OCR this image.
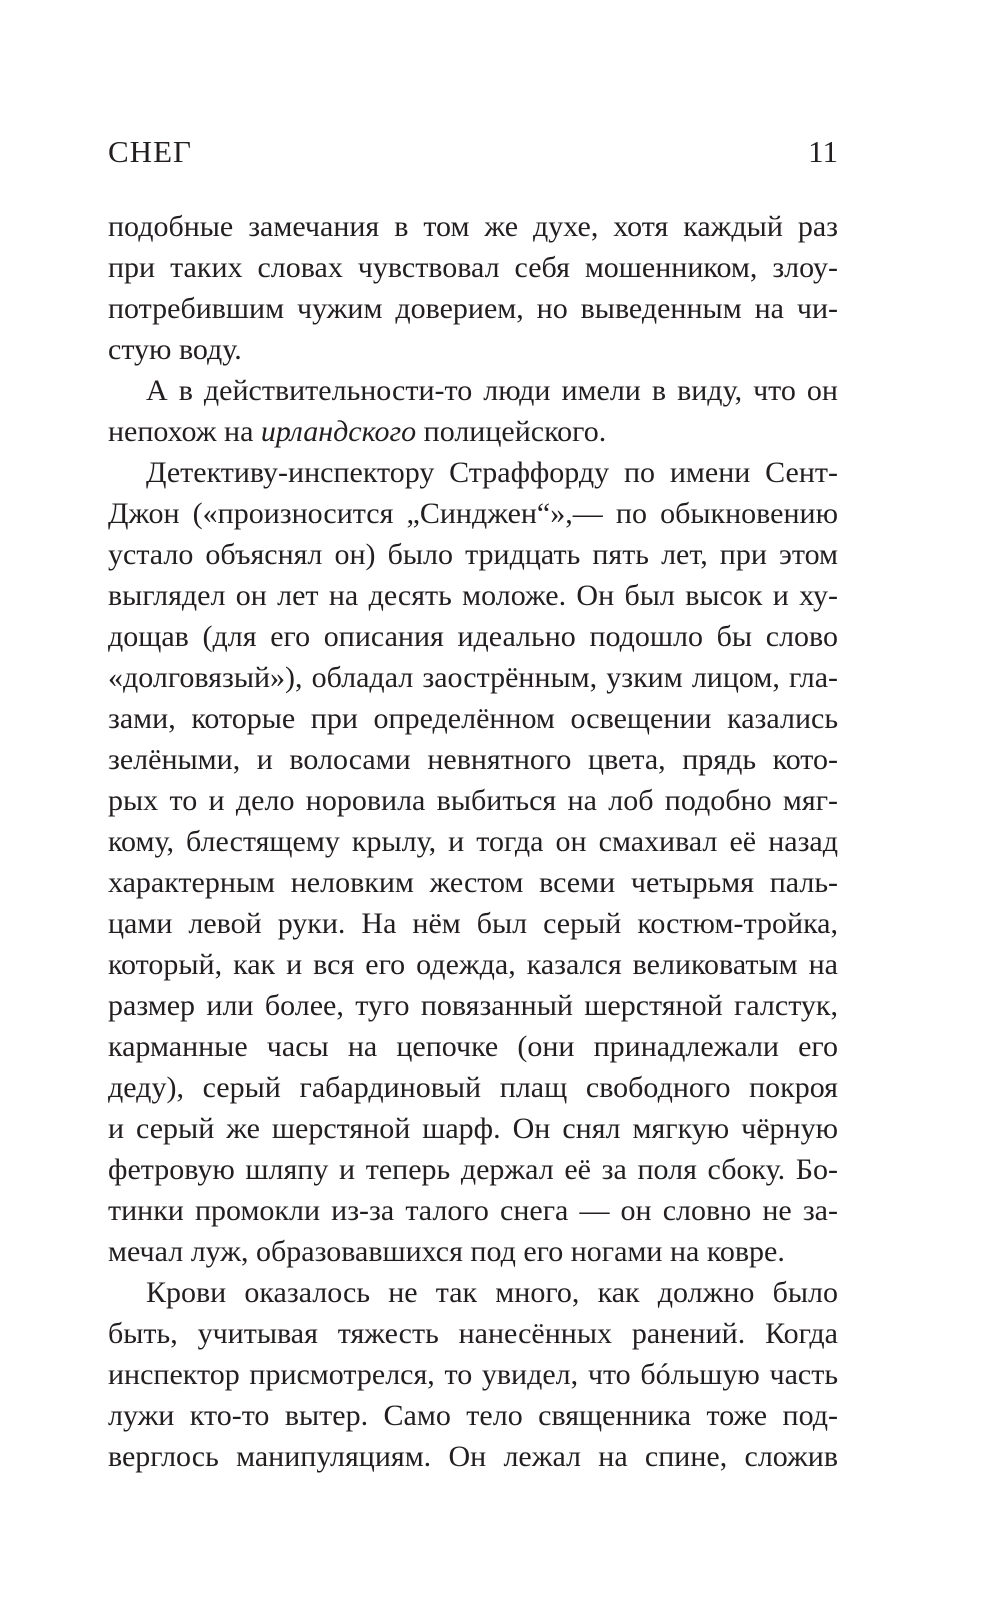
СНЕГ	11
подобные замечания в том же духе, хотя каждый раз
при таких словах чувствовал себя мошенником, злоу-
потребившим чужим доверием, но выведенным на чи-
стую воду.
А в действительности-то люди имели в виду, что он
непохож на ирландского полицейского.
Детективу-инспектору Страффорду по имени Сент-
Джон («произносится „Синджен“»,— по обыкновению
устало объяснял он) было тридцать пять лет, при этом
выглядел он лет на десять моложе. Он был высок и ху-
дощав (для его описания идеально подошло бы слово
«долговязый»), обладал заострённым, узким лицом, гла-
зами, которые при определённом освещении казались
зелёными, и волосами невнятного цвета, прядь кото-
рых то и дело норовила выбиться на лоб подобно мяг-
кому, блестящему крылу, и тогда он смахивал её назад
характерным неловким жестом всеми четырьмя паль-
цами левой руки. На нём был серый костюм-тройка,
который, как и вся его одежда, казался великоватым на
размер или более, туго повязанный шерстяной галстук,
карманные часы на цепочке (они принадлежали его
деду), серый габардиновый плащ свободного покроя
и серый же шерстяной шарф. Он снял мягкую чёрную
фетровую шляпу и теперь держал её за поля сбоку. Бо-
тинки промокли из-за талого снега — он словно не за-
мечал луж, образовавшихся под его ногами на ковре.
Крови оказалось не так много, как должно было
быть, учитывая тяжесть нанесённых ранений. Когда
инспектор присмотрелся, то увидел, что бóльшую часть
лужи кто-то вытер. Само тело священника тоже под-
верглось манипуляциям. Он лежал на спине, сложив
